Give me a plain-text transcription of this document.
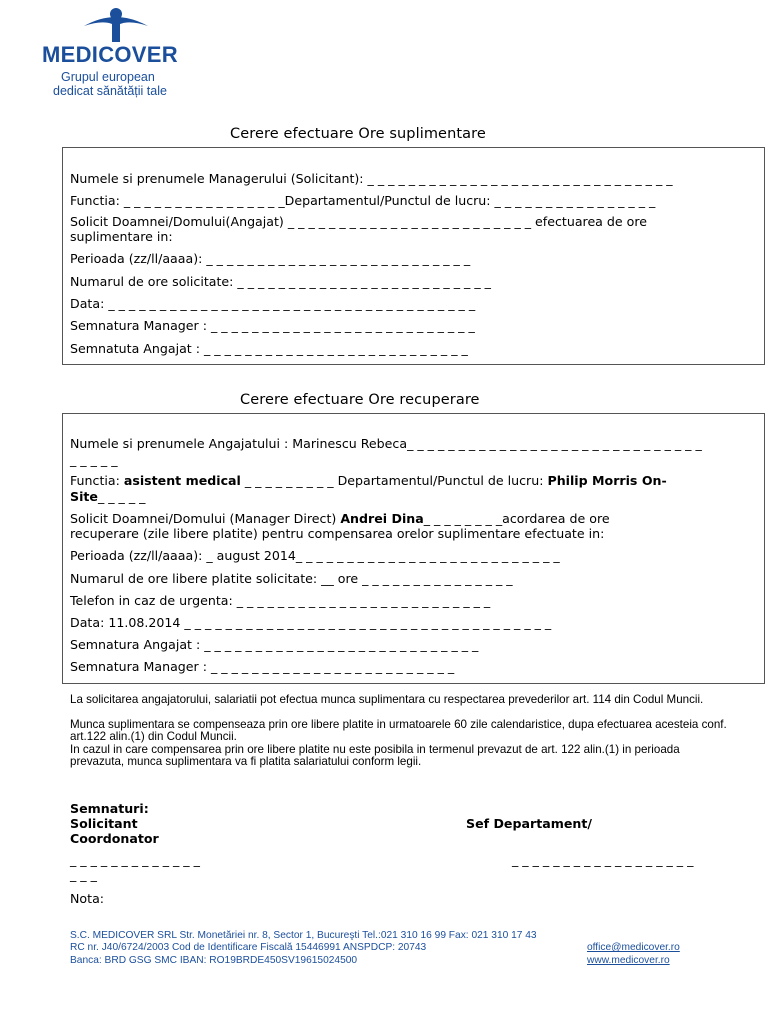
MEDICOVER
Grupul european
dedicat sănătății tale
Cerere efectuare Ore suplimentare
Numele si prenumele Managerului (Solicitant): _ _ _ _ _ _ _ _ _ _ _ _ _ _ _ _ _ _ _ _ _ _ _ _ _ _ _ _ _ _
Functia: _ _ _ _ _ _ _ _ _ _ _ _ _ _ _ _Departamentul/Punctul de lucru: _ _ _ _ _ _ _ _ _ _ _ _ _ _ _ _
Solicit Doamnei/Domului(Angajat) _ _ _ _ _ _ _ _ _ _ _ _ _ _ _ _ _ _ _ _ _ _ _ _ efectuarea de ore
suplimentare in:
Perioada (zz/ll/aaaa): _ _ _ _ _ _ _ _ _ _ _ _ _ _ _ _ _ _ _ _ _ _ _ _ _ _
Numarul de ore solicitate: _ _ _ _ _ _ _ _ _ _ _ _ _ _ _ _ _ _ _ _ _ _ _ _ _
Data: _ _ _ _ _ _ _ _ _ _ _ _ _ _ _ _ _ _ _ _ _ _ _ _ _ _ _ _ _ _ _ _ _ _ _ _
Semnatura Manager : _ _ _ _ _ _ _ _ _ _ _ _ _ _ _ _ _ _ _ _ _ _ _ _ _ _
Semnatuta Angajat : _ _ _ _ _ _ _ _ _ _ _ _ _ _ _ _ _ _ _ _ _ _ _ _ _ _
Cerere efectuare Ore recuperare
Numele si prenumele Angajatului : Marinescu Rebeca_ _ _ _ _ _ _ _ _ _ _ _ _ _ _ _ _ _ _ _ _ _ _ _ _ _ _ _ _
_ _ _ _ _
Functia: asistent medical _ _ _ _ _ _ _ _ _ Departamentul/Punctul de lucru: Philip Morris On-
Site_ _ _ _ _
Solicit Doamnei/Domului (Manager Direct) Andrei Dina_ _ _ _ _ _ _ _acordarea de ore
recuperare (zile libere platite) pentru compensarea orelor suplimentare efectuate in:
Perioada (zz/ll/aaaa): _ august 2014_ _ _ _ _ _ _ _ _ _ _ _ _ _ _ _ _ _ _ _ _ _ _ _ _ _
Numarul de ore libere platite solicitate: __ ore _ _ _ _ _ _ _ _ _ _ _ _ _ _ _
Telefon in caz de urgenta: _ _ _ _ _ _ _ _ _ _ _ _ _ _ _ _ _ _ _ _ _ _ _ _ _
Data: 11.08.2014 _ _ _ _ _ _ _ _ _ _ _ _ _ _ _ _ _ _ _ _ _ _ _ _ _ _ _ _ _ _ _ _ _ _ _ _
Semnatura Angajat : _ _ _ _ _ _ _ _ _ _ _ _ _ _ _ _ _ _ _ _ _ _ _ _ _ _ _
Semnatura Manager : _ _ _ _ _ _ _ _ _ _ _ _ _ _ _ _ _ _ _ _ _ _ _ _
La solicitarea angajatorului, salariatii pot efectua munca suplimentara cu respectarea prevederilor art. 114 din Codul Muncii.
Munca suplimentara se compenseaza prin ore libere platite in urmatoarele 60 zile calendaristice, dupa efectuarea acesteia conf. art.122 alin.(1) din Codul Muncii.
In cazul in care compensarea prin ore libere platite nu este posibila in termenul prevazut de art. 122 alin.(1) in perioada prevazuta, munca suplimentara va fi platita salariatului conform legii.
Semnaturi:
Solicitant	Sef Departament/
Coordonator
_ _ _ _ _ _ _ _ _ _ _ _ _
_ _ _
_ _ _ _ _ _ _ _ _ _ _ _ _ _ _ _ _ _
Nota:
S.C. MEDICOVER SRL Str. Monetăriei nr. 8, Sector 1, Bucureşti Tel.:021 310 16 99 Fax: 021 310 17 43
RC nr. J40/6724/2003 Cod de Identificare Fiscală 15446991 ANSPDCP: 20743
Banca: BRD GSG SMC IBAN: RO19BRDE450SV19615024500
office@medicover.ro
www.medicover.ro
